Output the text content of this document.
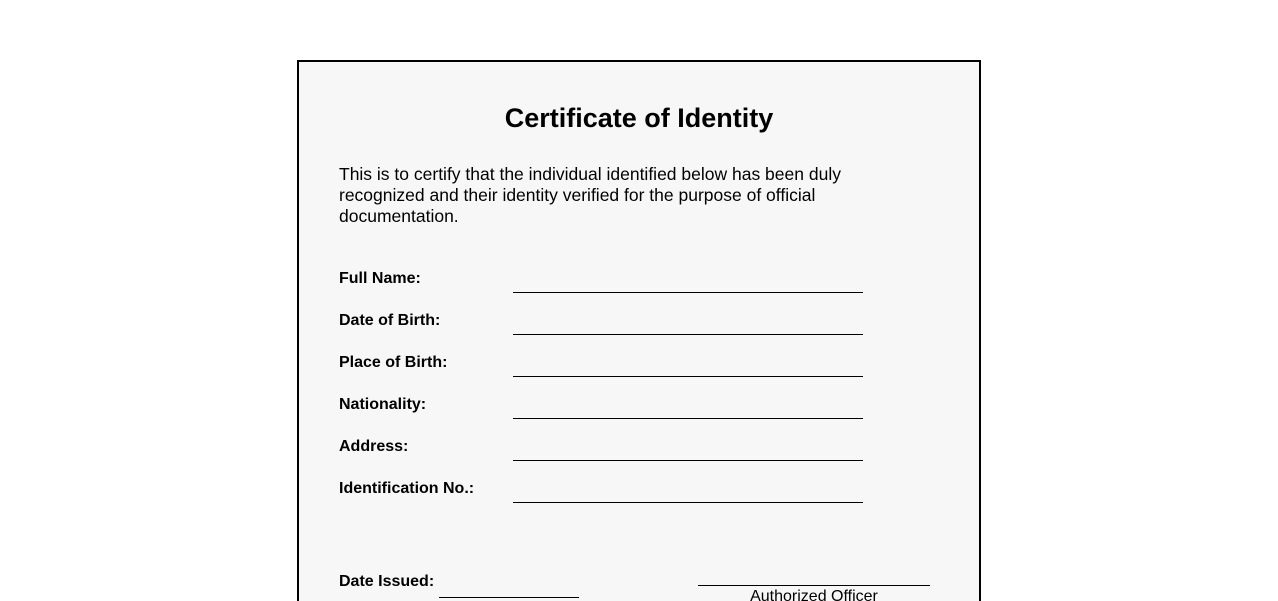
Certificate of Identity

This is to certify that the individual identified below has been duly recognized and their identity verified for the purpose of official documentation.

Full Name:
Date of Birth:
Place of Birth:
Nationality:
Address:
Identification No.:
Date Issued:
Authorized Officer
